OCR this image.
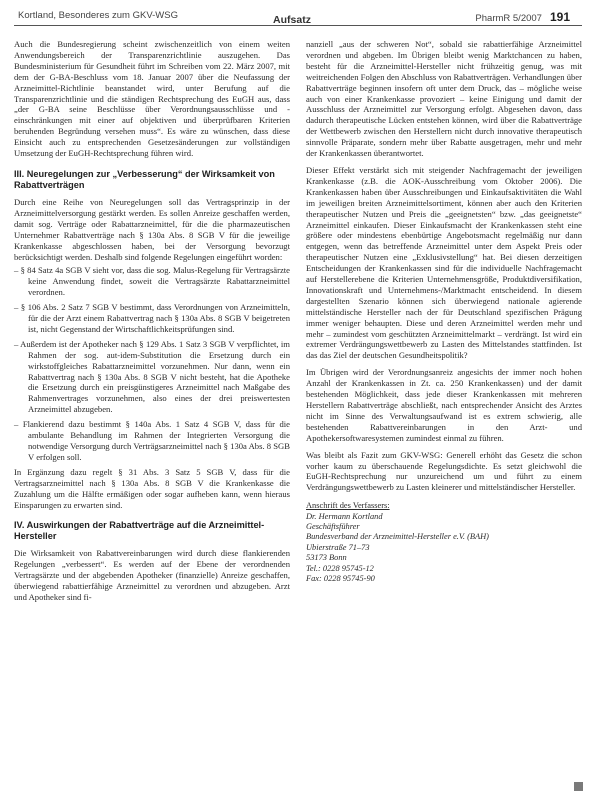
Kortland, Besonderes zum GKV-WSG	Aufsatz	PharmR 5/2007 191

Auch die Bundesregierung scheint zwischenzeitlich von einem weiten Anwendungsbereich der Transparenzrichtlinie auszugehen. Das Bundesministerium für Gesundheit führt im Schreiben vom 22. März 2007, mit dem der G-BA-Beschluss vom 18. Januar 2007 über die Neufassung der Arzneimittel-Richtlinie beanstandet wird, unter Berufung auf die Transparenzrichtlinie und die ständigen Rechtsprechung des EuGH aus, dass „der G-BA seine Beschlüsse über Verordnungsausschlüsse und -einschränkungen mit einer auf objektiven und überprüfbaren Kriterien beruhenden Begründung versehen muss“. Es wäre zu wünschen, dass diese Einsicht auch zu entsprechenden Gesetzesänderungen zur vollständigen Umsetzung der EuGH-Rechtsprechung führen wird.

III. Neuregelungen zur „Verbesserung“ der Wirksamkeit von Rabattverträgen

Durch eine Reihe von Neuregelungen soll das Vertragsprinzip in der Arzneimittelversorgung gestärkt werden. Es sollen Anreize geschaffen werden, damit sog. Verträge oder Rabattarzneimittel, für die die pharmazeutischen Unternehmer Rabattverträge nach § 130a Abs. 8 SGB V für die jeweilige Krankenkasse abgeschlossen haben, bei der Versorgung bevorzugt berücksichtigt werden. Deshalb sind folgende Regelungen eingeführt worden:

– § 84 Satz 4a SGB V sieht vor, dass die sog. Malus-Regelung für Vertragsärzte keine Anwendung findet, soweit die Vertragsärzte Rabattarzneimittel verordnen.

– § 106 Abs. 2 Satz 7 SGB V bestimmt, dass Verordnungen von Arzneimitteln, für die der Arzt einem Rabattvertrag nach § 130a Abs. 8 SGB V beigetreten ist, nicht Gegenstand der Wirtschaftlichkeitsprüfungen sind.

– Außerdem ist der Apotheker nach § 129 Abs. 1 Satz 3 SGB V verpflichtet, im Rahmen der sog. aut-idem-Substitution die Ersetzung durch ein wirkstoffgleiches Rabattarzneimittel vorzunehmen. Nur dann, wenn ein Rabattvertrag nach § 130a Abs. 8 SGB V nicht besteht, hat die Apotheke die Ersetzung durch ein preisgünstigeres Arzneimittel nach Maßgabe des Rahmenvertrages vorzunehmen, also eines der drei preiswertesten Arzneimittel abzugeben.

– Flankierend dazu bestimmt § 140a Abs. 1 Satz 4 SGB V, dass für die ambulante Behandlung im Rahmen der Integrierten Versorgung die notwendige Versorgung durch Verträgsarzneimittel nach § 130a Abs. 8 SGB V erfolgen soll.

In Ergänzung dazu regelt § 31 Abs. 3 Satz 5 SGB V, dass für die Vertragsarzneimittel nach § 130a Abs. 8 SGB V die Krankenkasse die Zuzahlung um die Hälfte ermäßigen oder sogar aufheben kann, wenn hieraus Einsparungen zu erwarten sind.

IV. Auswirkungen der Rabattverträge auf die Arzneimittel-Hersteller

Die Wirksamkeit von Rabattvereinbarungen wird durch diese flankierenden Regelungen „verbessert“. Es werden auf der Ebene der verordnenden Vertragsärzte und der abgebenden Apotheker (finanzielle) Anreize geschaffen, überwiegend rabattierfähige Arzneimittel zu verordnen und abzugeben. Arzt und Apotheker sind fi-

nanziell „aus der schweren Not“, sobald sie rabattierfähige Arzneimittel verordnen und abgeben. Im Übrigen bleibt wenig Marktchancen zu haben, besteht für die Arzneimittel-Hersteller nicht frühzeitig genug, was mit weitreichenden Folgen den Abschluss von Rabattverträgen. Verhandlungen über Rabattverträge beginnen insofern oft unter dem Druck, das – mögliche weise auch von einer Krankenkasse provoziert – keine Einigung und damit der Ausschluss der Arzneimittel zur Versorgung erfolgt. Abgesehen davon, dass dadurch therapeutische Lücken entstehen können, wird über die Rabattverträge der Wettbewerb zwischen den Herstellern nicht durch innovative therapeutisch sinnvolle Präparate, sondern mehr über Rabatte ausgetragen, mehr und mehr der Krankenkassen überantwortet.

Dieser Effekt verstärkt sich mit steigender Nachfragemacht der jeweiligen Krankenkasse (z.B. die AOK-Ausschreibung vom Oktober 2006). Die Krankenkassen haben über Ausschreibungen und Einkaufsaktivitäten die Wahl im jeweiligen breiten Arzneimittelsortiment, können aber auch den Kriterien therapeutischer Nutzen und Preis die „geeignetsten“ bzw. „das geeignetste“ Arzneimittel einkaufen. Dieser Einkaufsmacht der Krankenkassen steht eine größere oder mindestens ebenbürtige Angebotsmacht regelmäßig nur dann entgegen, wenn das betreffende Arzneimittel unter dem Aspekt Preis oder therapeutischer Nutzen eine „Exklusivstellung“ hat. Bei diesen derzeitigen Entscheidungen der Krankenkassen sind für die individuelle Nachfragemacht auf Herstellerebene die Kriterien Unternehmensgröße, Produktdiversifikation, Innovationskraft und Unternehmens-/Marktmacht entscheidend. In diesem dargestellten Szenario können sich überwiegend nationale agierende mittelständische Hersteller nach der für Deutschland spezifischen Prägung immer weniger behaupten. Diese und deren Arzneimittel werden mehr und mehr – zumindest vom geschützten Arzneimittelmarkt – verdrängt. Ist wird ein extremer Verdrängungswettbewerb zu Lasten des Mittelstandes stattfinden. Ist das das Ziel der deutschen Gesundheitspolitik?

Im Übrigen wird der Verordnungsanreiz angesichts der immer noch hohen Anzahl der Krankenkassen in Zt. ca. 250 Krankenkassen) und der damit bestehenden Möglichkeit, dass jede dieser Krankenkassen mit mehreren Herstellern Rabattverträge abschließt, nach entsprechender Ansicht des Arztes nicht im Sinne des Verwaltungsaufwand ist es extrem schwierig, alle bestehenden Rabattvereinbarungen in den Arzt- und Apothekersoftwaresystemen zumindest einmal zu führen.

Was bleibt als Fazit zum GKV-WSG: Generell erhöht das Gesetz die schon vorher kaum zu überschauende Regelungsdichte. Es setzt gleichwohl die EuGH-Rechtsprechung nur unzureichend um und führt zu einem Verdrängungswettbewerb zu Lasten kleinerer und mittelständischer Hersteller.

Anschrift des Verfassers:
Dr. Hermann Kortland
Geschäftsführer
Bundesverband der Arzneimittel-Hersteller e.V. (BAH)
Ubierstraße 71–73
53173 Bonn
Tel.: 0228 95745-12
Fax: 0228 95745-90
